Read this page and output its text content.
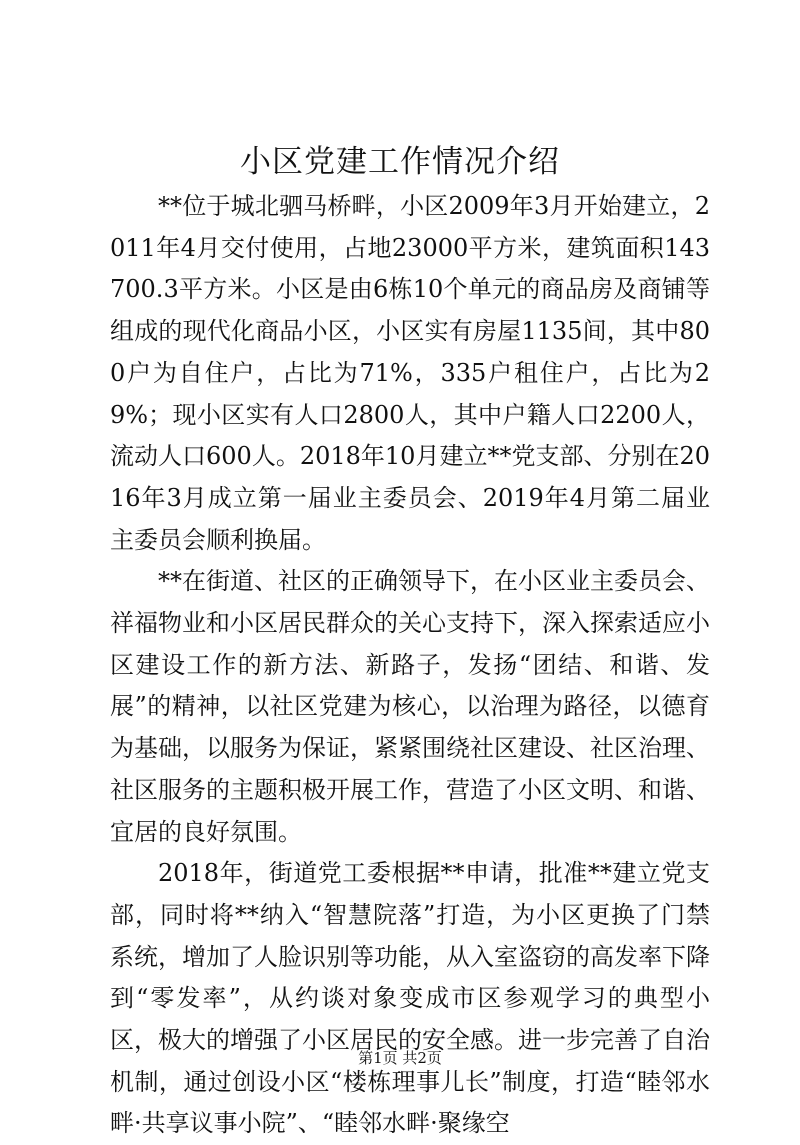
小区党建工作情况介绍

**位于城北驷马桥畔，小区2009年3月开始建立，2011年4月交付使用，占地23000平方米，建筑面积143700.3平方米。小区是由6栋10个单元的商品房及商铺等组成的现代化商品小区，小区实有房屋1135间，其中800户为自住户，占比为71%，335户租住户，占比为29%；现小区实有人口2800人，其中户籍人口2200人，流动人口600人。2018年10月建立**党支部、分别在2016年3月成立第一届业主委员会、2019年4月第二届业主委员会顺利换届。

**在街道、社区的正确领导下，在小区业主委员会、祥福物业和小区居民群众的关心支持下，深入探索适应小区建设工作的新方法、新路子，发扬“团结、和谐、发展”的精神，以社区党建为核心，以治理为路径，以德育为基础，以服务为保证，紧紧围绕社区建设、社区治理、社区服务的主题积极开展工作，营造了小区文明、和谐、宜居的良好氛围。

2018年，街道党工委根据**申请，批准**建立党支部，同时将**纳入“智慧院落”打造，为小区更换了门禁系统，增加了人脸识别等功能，从入室盗窃的高发率下降到“零发率”，从约谈对象变成市区参观学习的典型小区，极大的增强了小区居民的安全感。进一步完善了自治机制，通过创设小区“楼栋理事儿长”制度，打造“睦邻水畔·共享议事小院”、“睦邻水畔·聚缘空

第1页 共2页
